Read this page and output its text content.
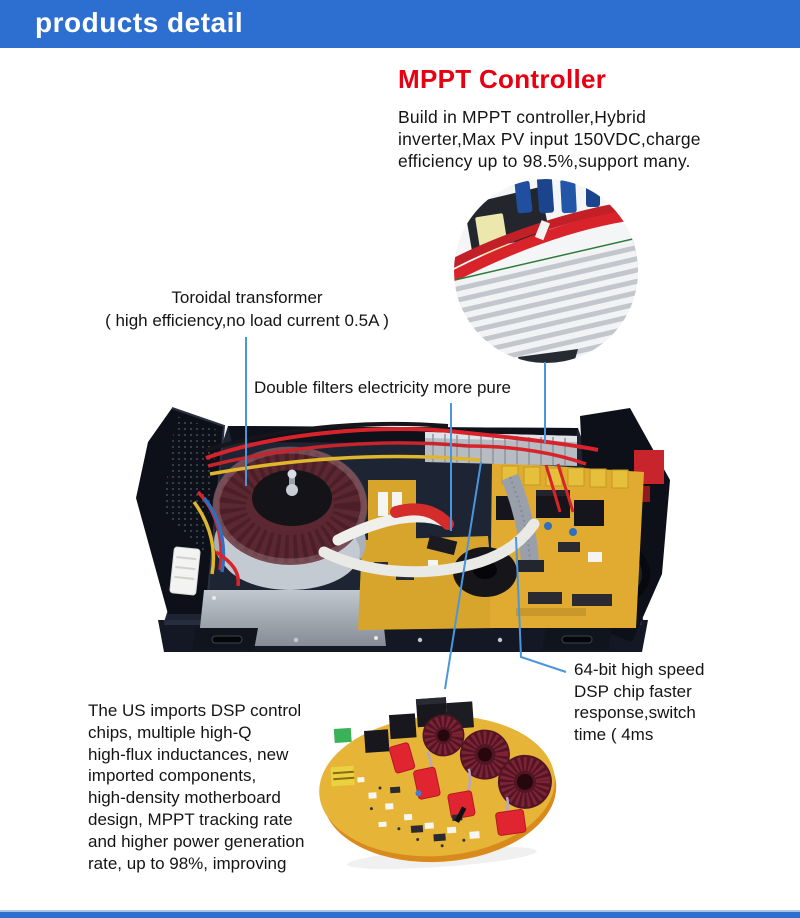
products detail
MPPT Controller
Build in MPPT controller,Hybrid
inverter,Max PV input 150VDC,charge
efficiency up to 98.5%,support many.
Toroidal transformer
( high efficiency,no load current 0.5A )
Double filters electricity more pure
64-bit high speed
DSP chip faster
response,switch
time ( 4ms
The US imports DSP control
chips, multiple high-Q
high-flux inductances, new
imported components,
high-density motherboard
design, MPPT tracking rate
and higher power generation
rate, up to 98%, improving
